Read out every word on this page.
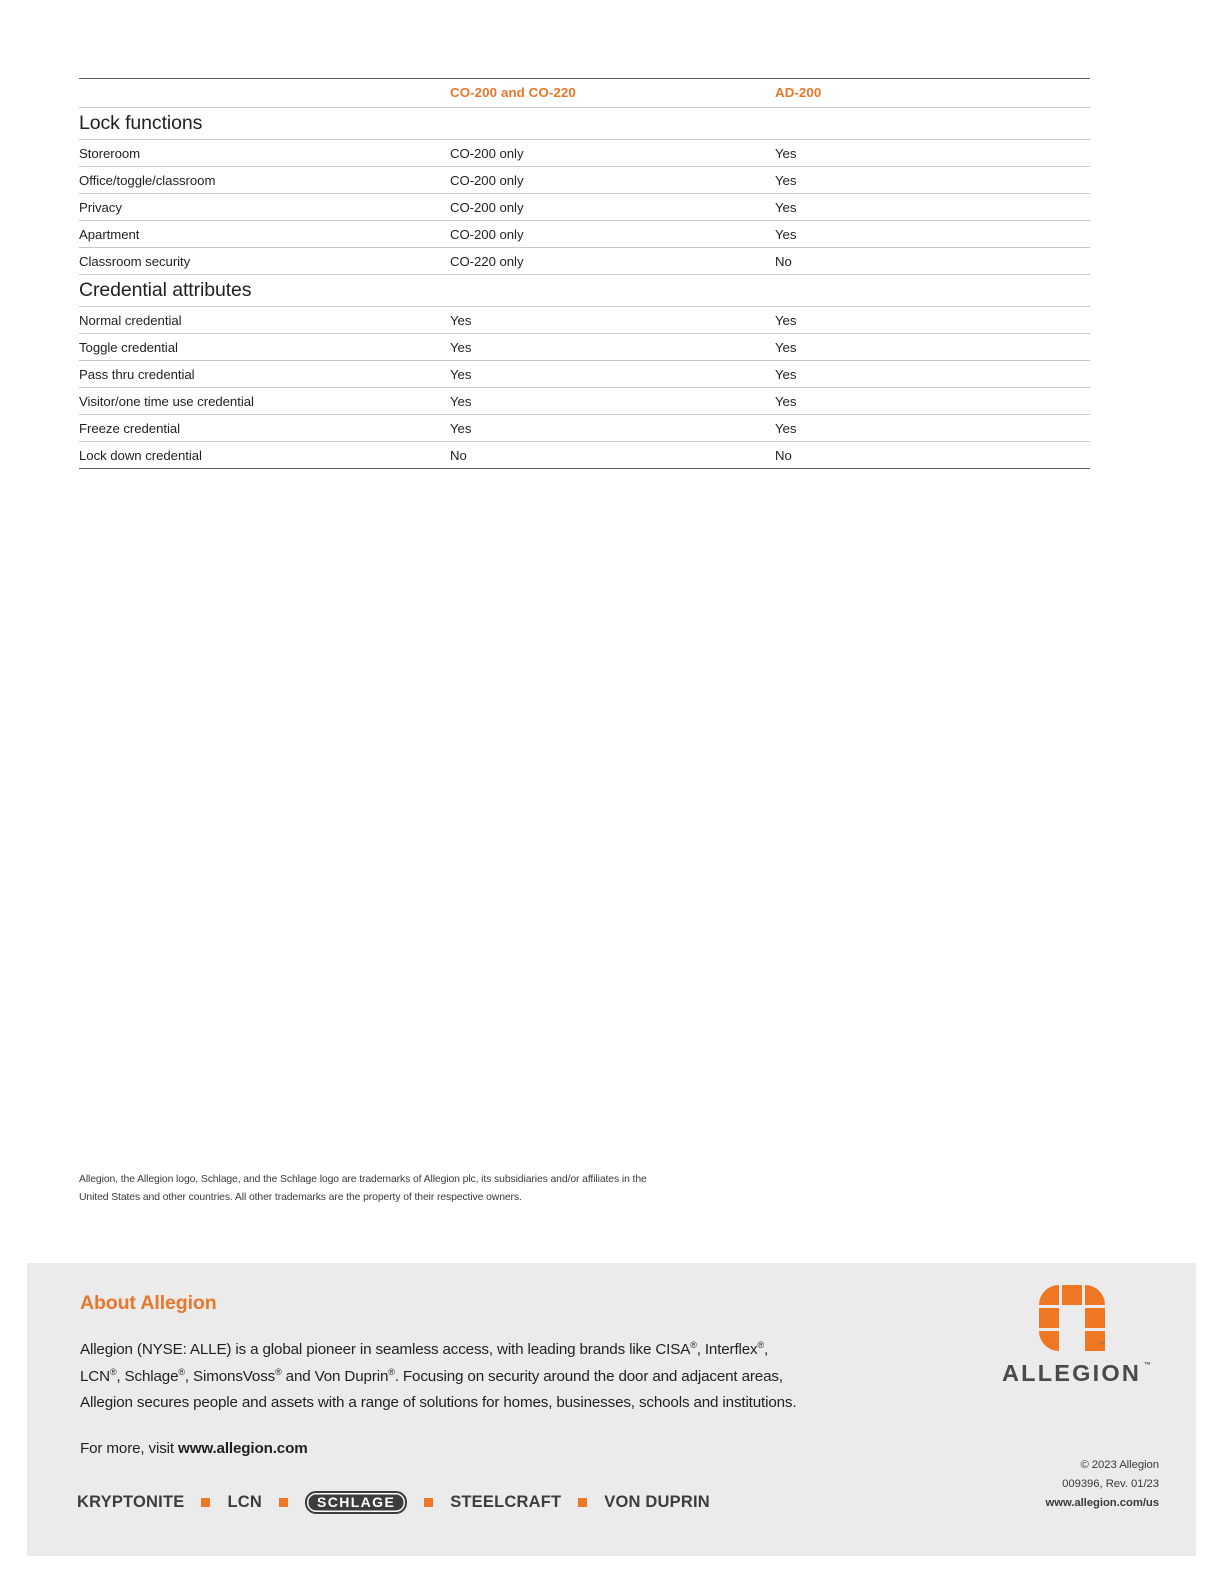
	CO-200 and CO-220	AD-200
Lock functions		
Storeroom	CO-200 only	Yes
Office/toggle/classroom	CO-200 only	Yes
Privacy	CO-200 only	Yes
Apartment	CO-200 only	Yes
Classroom security	CO-220 only	No
Credential attributes		
Normal credential	Yes	Yes
Toggle credential	Yes	Yes
Pass thru credential	Yes	Yes
Visitor/one time use credential	Yes	Yes
Freeze credential	Yes	Yes
Lock down credential	No	No
Allegion, the Allegion logo, Schlage, and the Schlage logo are trademarks of Allegion plc, its subsidiaries and/or affiliates in the
United States and other countries. All other trademarks are the property of their respective owners.
About Allegion

Allegion (NYSE: ALLE) is a global pioneer in seamless access, with leading brands like CISA®, Interflex®, LCN®, Schlage®, SimonsVoss® and Von Duprin®. Focusing on security around the door and adjacent areas, Allegion secures people and assets with a range of solutions for homes, businesses, schools and institutions.

For more, visit www.allegion.com
KRYPTONITE	LCN	SCHLAGE	STEELCRAFT	VON DUPRIN
™
ALLEGION ™
© 2023 Allegion
009396, Rev. 01/23
www.allegion.com/us
